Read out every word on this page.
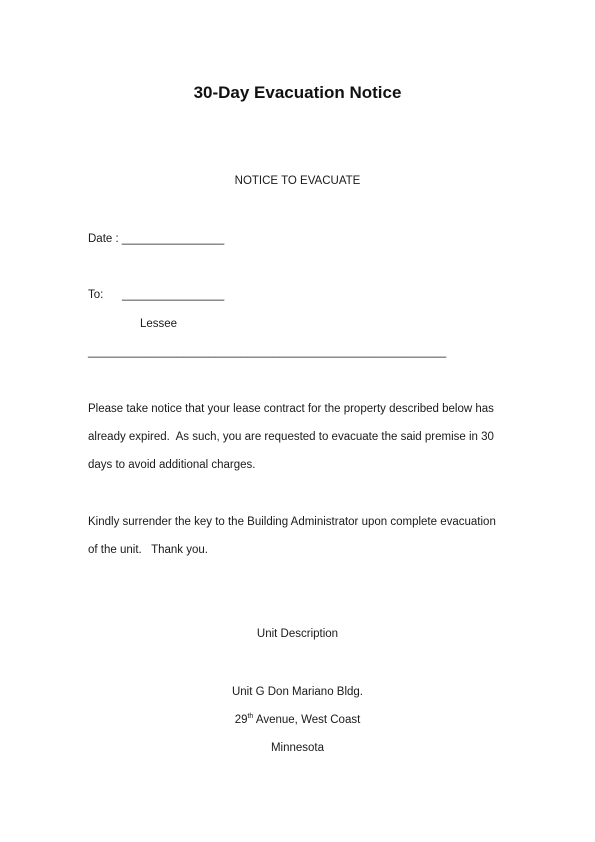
30-Day Evacuation Notice
NOTICE TO EVACUATE
Date : ________________
To: ________________
Lessee
________________________________________________________
Please take notice that your lease contract for the property described below has
already expired.  As such, you are requested to evacuate the said premise in 30
days to avoid additional charges.
Kindly surrender the key to the Building Administrator upon complete evacuation
of the unit.   Thank you.
Unit Description
Unit G Don Mariano Bldg.
29th Avenue, West Coast
Minnesota
